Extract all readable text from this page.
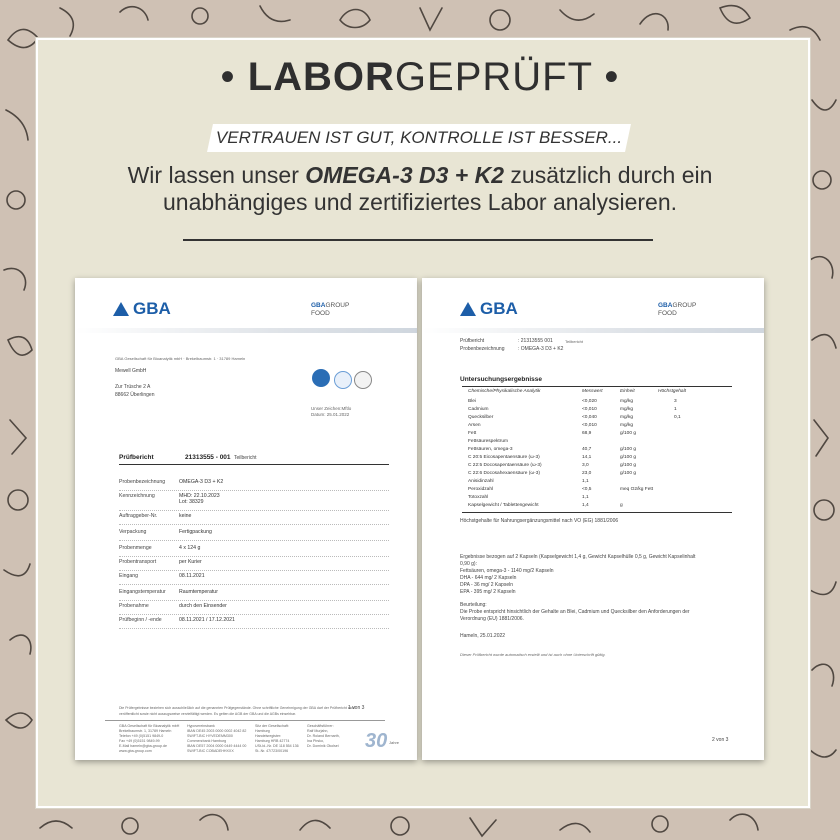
• LABORGEPRÜFT •
VERTRAUEN IST GUT, KONTROLLE IST BESSER...
Wir lassen unser OMEGA-3 D3 + K2 zusätzlich durch ein unabhängiges und zertifiziertes Labor analysieren.
GBA	GBAGROUP
FOOD
GBA Gesellschaft für Bioanalytik mbH · Brekelbaumstr. 1 · 31789 Hameln
Mewell GmbH
Zur Trüsche 2 A
88662 Überlingen
Unser Zeichen:Mftlo
Datum: 25.01.2022
Prüfbericht	21313555 - 001 Teilbericht
Probenbezeichnung	OMEGA-3 D3 + K2
Kennzeichnung	MHD: 22.10.2023
Lot: 38329
Auftraggeber-Nr.	keine
Verpackung	Fertigpackung
Probenmenge	4 x 124 g
Probentransport	per Kurier
Eingang	08.11.2021
Eingangstemperatur	Raumtemperatur
Probenahme	durch den Einsender
Prüfbeginn / -ende	08.11.2021 / 17.12.2021
Die Prüfergebnisse beziehen sich ausschließlich auf die genannten Prüfgegenstände. Ohne schriftliche Genehmigung der GBA darf der Prüfbericht nicht
veröffentlicht sowie nicht auszugsweise vervielfältigt werden. Es gelten die AGB der GBA und die AGBs einsehbar.
1 von 3
GBA Gesellschaft für Bioanalytik mbH
Brekelbaumstr. 1, 31789 Hameln
Telefon +49 (0)5151 9849-0
Fax +49 (0)5151 9849-99
E-Mail hameln@gba-group.de
www.gba-group.com
Hypovereinsbank
IBAN DE45 2003 0000 0002 4042 82
SWIFT-BIC HYVEDEMM300
Commerzbank Hamburg
IBAN DE57 2004 0000 0449 4444 00
SWIFT-BIC COBADEHHXXX
Sitz der Gesellschaft:
Hamburg
Handelsregister:
Hamburg HRB 42774
USt-Id.-Nr. DE 118 554 136
St.-Nr. 47/723/00196
Geschäftsführer:
Ralf Murjahn,
Dr. Roland Bernarth,
Ina Pirsko,
Dr. Dominik Okolsei 30 Jahre
GBA	GBAGROUP
FOOD
Prüfbericht	: 21313555 001	Teilbericht
Probenbezeichnung	: OMEGA-3 D3 + K2
Untersuchungsergebnisse
Chemische/Physikalische Analytik	Messwert	Einheit	Höchstgehalt
Blei	<0,020	mg/kg	3
Cadmium	<0,010	mg/kg	1
Quecksilber	<0,040	mg/kg	0,1
Arsen	<0,010	mg/kg
Fett	68,9	g/100 g
Fettsäurespektrum
Fettsäuren, omega-3	40,7	g/100 g
C 20:5 Eicosapentaensäure (ω-3)	14,1	g/100 g
C 22:5 Docosapentaensäure (ω-3)	3,0	g/100 g
C 22:6 Docosahexaensäure (ω-3)	23,0	g/100 g
Anisidinzahl	1,1
Peroxidzahl	<0,5	meq O2/kg Fett
Totoxzahl	1,1
Kapselgewicht / Tablettengewicht	1,4	g
Höchstgehalte für Nahrungsergänzungsmittel nach VO (EG) 1881/2006
Ergebnisse bezogen auf 2 Kapseln (Kapselgewicht 1,4 g, Gewicht Kapselhülle 0,5 g, Gewicht Kapselinhalt
0,90 g):
Fettsäuren, omega-3 - 1140 mg/2 Kapseln
DHA - 644 mg/ 2 Kapseln
DPA - 36 mg/ 2 Kapseln
EPA - 395 mg/ 2 Kapseln
Beurteilung:
Die Probe entspricht hinsichtlich der Gehalte an Blei, Cadmium und Quecksilber den Anforderungen der
Verordnung (EU) 1881/2006.
Hameln, 25.01.2022
Dieser Prüfbericht wurde automatisch erstellt und ist auch ohne Unterschrift gültig.
2 von 3
